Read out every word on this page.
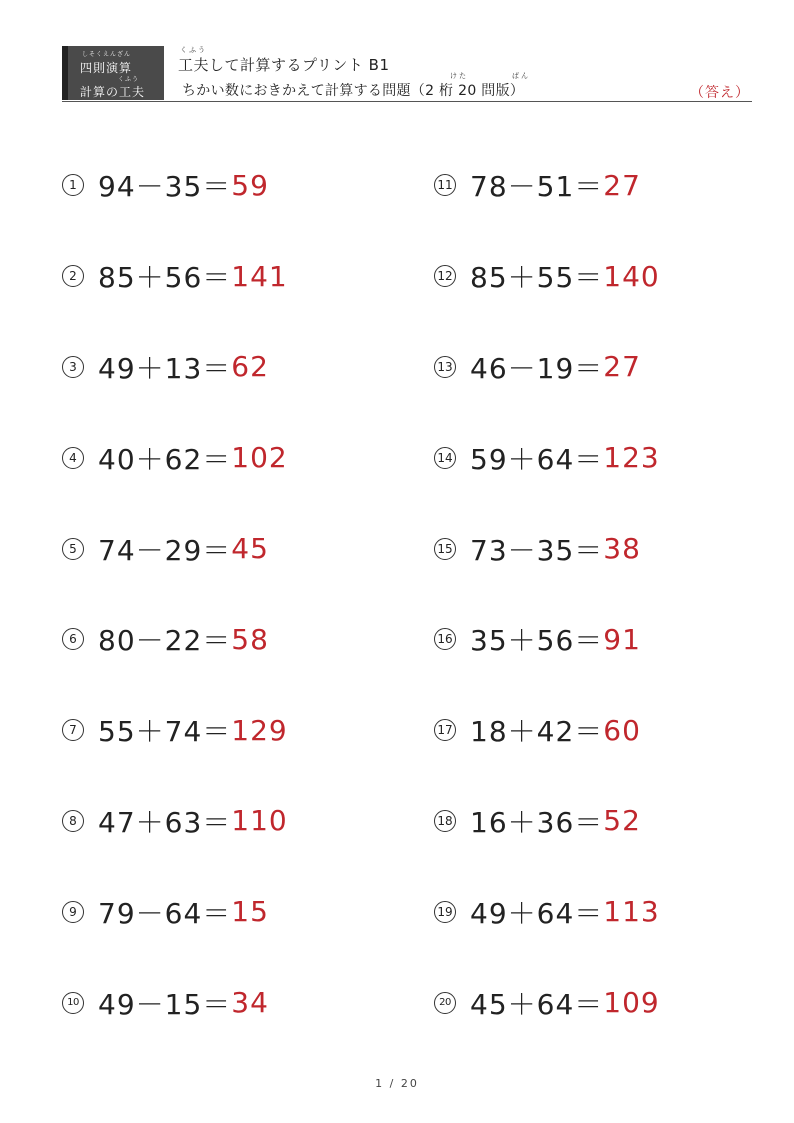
しそくえんざん
四則演算
くふう
計算の工夫
くふう
工夫して計算するプリント B1
けた	ばん
ちかい数におきかえて計算する問題（2 桁 20 問版）	（答え）
1 94－35＝ 59
2 85＋56＝ 141
3 49＋13＝ 62
4 40＋62＝ 102
5 74－29＝ 45
6 80－22＝ 58
7 55＋74＝ 129
8 47＋63＝ 110
9 79－64＝ 15
10 49－15＝ 34
11 78－51＝ 27
12 85＋55＝ 140
13 46－19＝ 27
14 59＋64＝ 123
15 73－35＝ 38
16 35＋56＝ 91
17 18＋42＝ 60
18 16＋36＝ 52
19 49＋64＝ 113
20 45＋64＝ 109
1 / 20
